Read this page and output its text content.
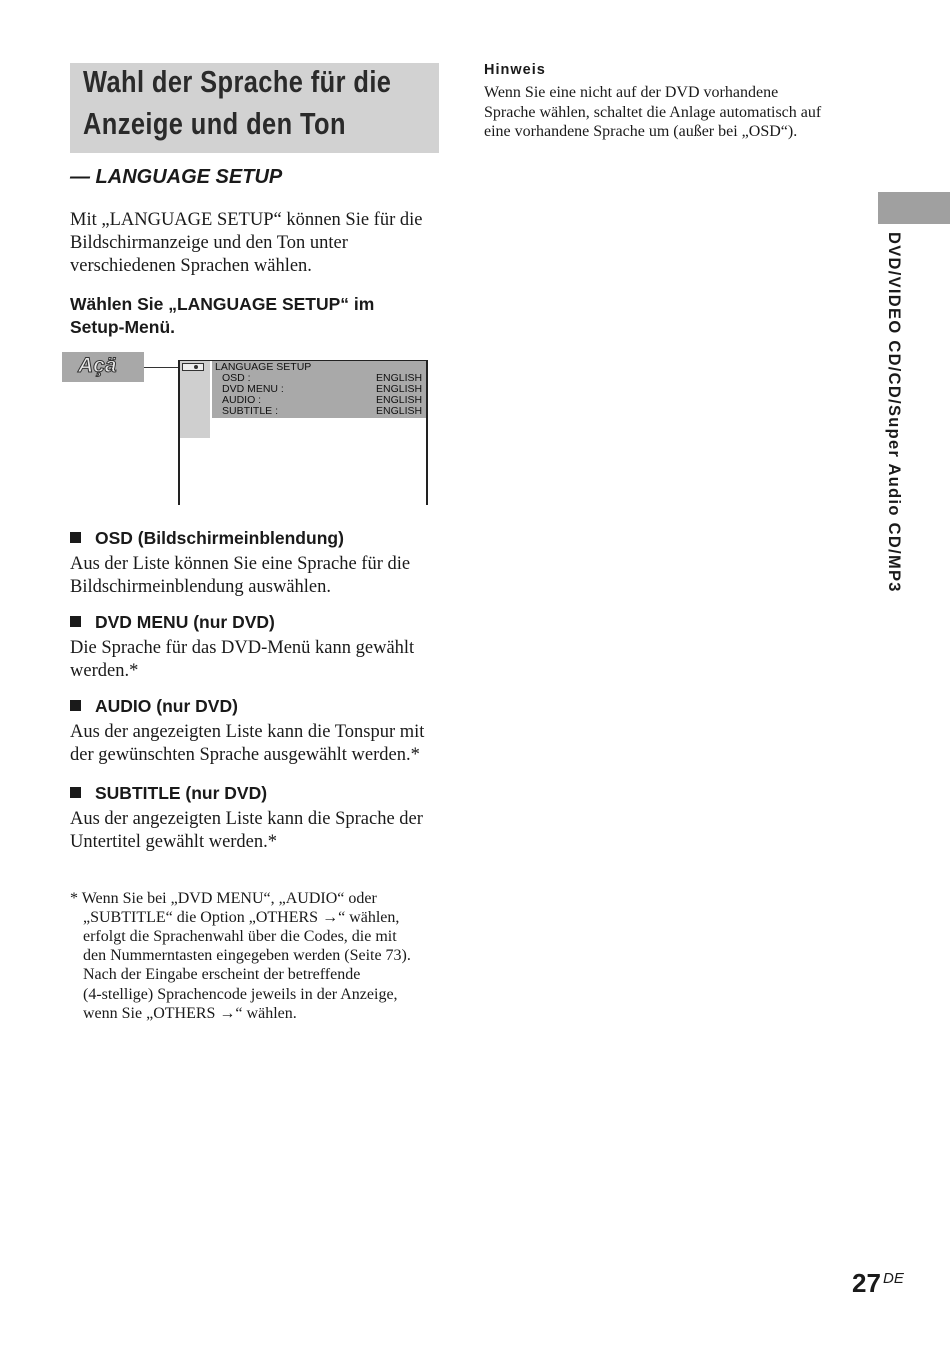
Wahl der Sprache für die
Anzeige und den Ton
— LANGUAGE SETUP
Mit „LANGUAGE SETUP“ können Sie für die
Bildschirmanzeige und den Ton unter
verschiedenen Sprachen wählen.
Wählen Sie „LANGUAGE SETUP“ im
Setup-Menü.
Açä	LANGUAGE SETUP
OSD :	ENGLISH
DVD MENU :	ENGLISH
AUDIO :	ENGLISH
SUBTITLE :	ENGLISH
OSD (Bildschirmeinblendung)
Aus der Liste können Sie eine Sprache für die
Bildschirmeinblendung auswählen.
DVD MENU (nur DVD)
Die Sprache für das DVD-Menü kann gewählt
werden.*
AUDIO (nur DVD)
Aus der angezeigten Liste kann die Tonspur mit
der gewünschten Sprache ausgewählt werden.*
SUBTITLE (nur DVD)
Aus der angezeigten Liste kann die Sprache der
Untertitel gewählt werden.*
* Wenn Sie bei „DVD MENU“, „AUDIO“ oder
„SUBTITLE“ die Option „OTHERS →“ wählen,
erfolgt die Sprachenwahl über die Codes, die mit
den Nummerntasten eingegeben werden (Seite 73).
Nach der Eingabe erscheint der betreffende
(4-stellige) Sprachencode jeweils in der Anzeige,
wenn Sie „OTHERS →“ wählen.
Hinweis
Wenn Sie eine nicht auf der DVD vorhandene
Sprache wählen, schaltet die Anlage automatisch auf
eine vorhandene Sprache um (außer bei „OSD“).
DVD/VIDEO CD/CD/Super Audio CD/MP3
27 DE
